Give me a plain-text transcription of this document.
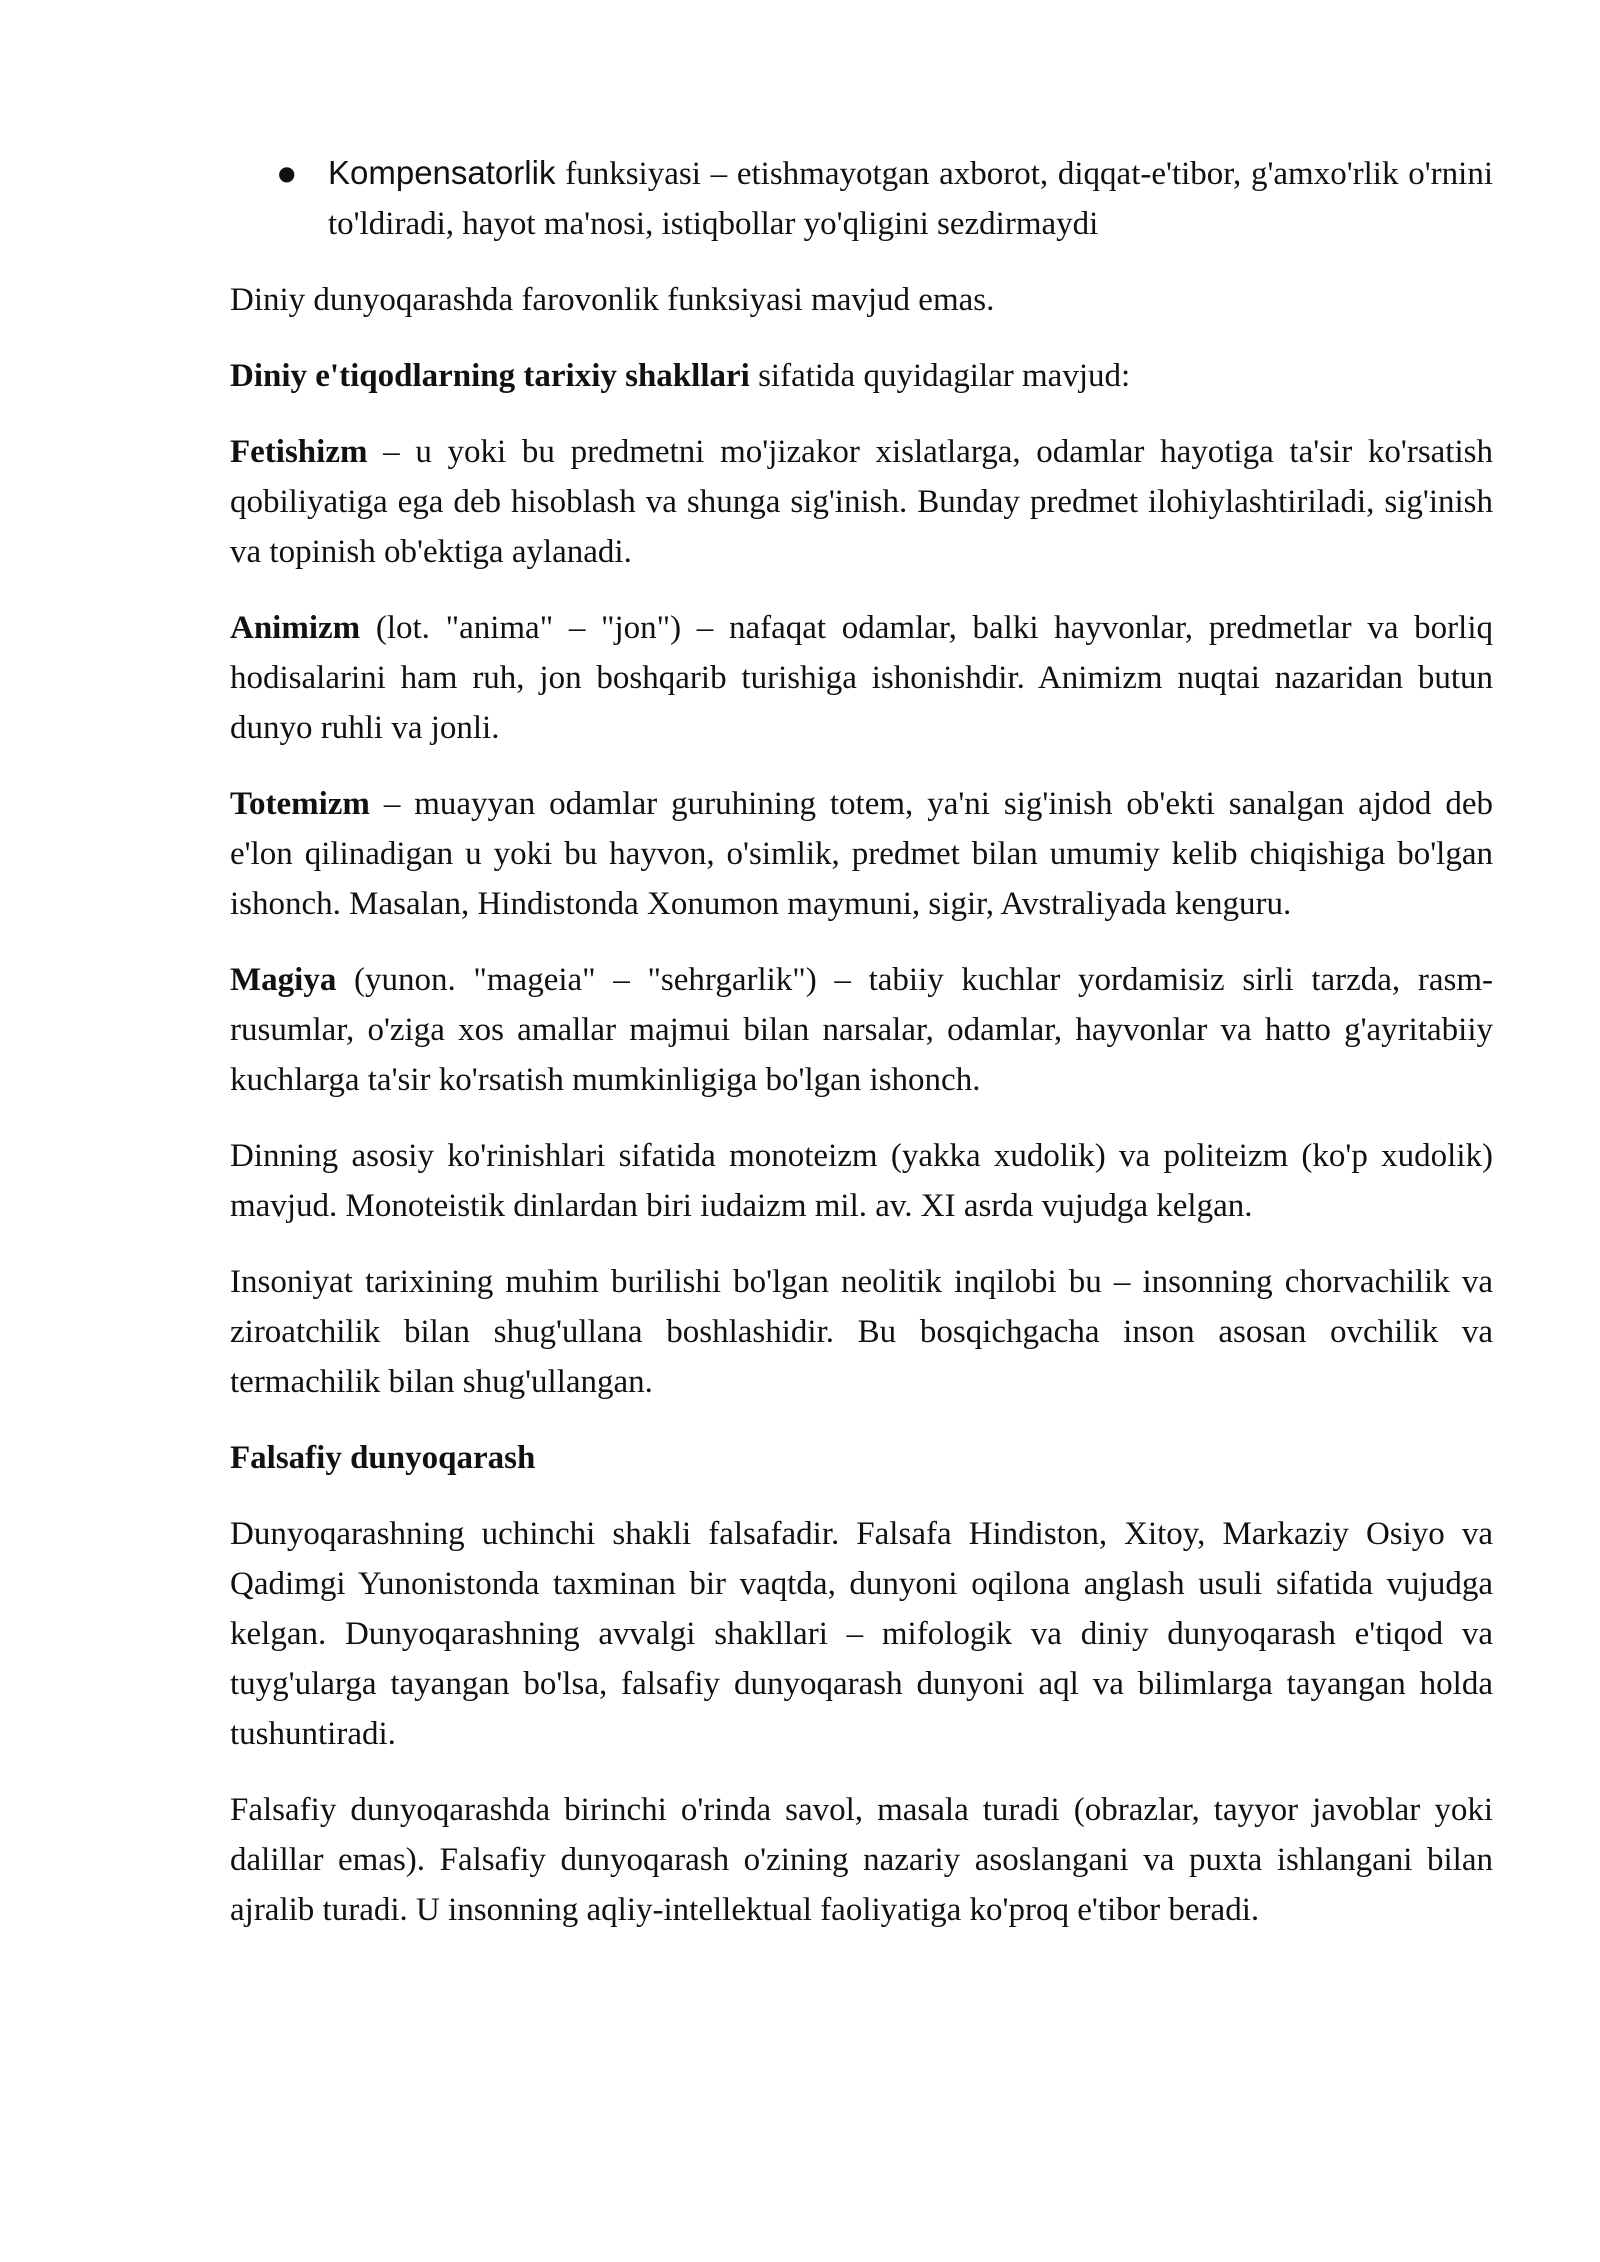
● Kompensatorlik funksiyasi – etishmayotgan axborot, diqqat-e'tibor, g'amxo'rlik o'rnini to'ldiradi, hayot ma'nosi, istiqbollar yo'qligini sezdirmaydi

Diniy dunyoqarashda farovonlik funksiyasi mavjud emas.

Diniy e'tiqodlarning tarixiy shakllari sifatida quyidagilar mavjud:

Fetishizm – u yoki bu predmetni mo'jizakor xislatlarga, odamlar hayotiga ta'sir ko'rsatish qobiliyatiga ega deb hisoblash va shunga sig'inish. Bunday predmet ilohiylashtiriladi, sig'inish va topinish ob'ektiga aylanadi.

Animizm (lot. "anima" – "jon") – nafaqat odamlar, balki hayvonlar, predmetlar va borliq hodisalarini ham ruh, jon boshqarib turishiga ishonishdir. Animizm nuqtai nazaridan butun dunyo ruhli va jonli.

Totemizm – muayyan odamlar guruhining totem, ya'ni sig'inish ob'ekti sanalgan ajdod deb e'lon qilinadigan u yoki bu hayvon, o'simlik, predmet bilan umumiy kelib chiqishiga bo'lgan ishonch. Masalan, Hindistonda Xonumon maymuni, sigir, Avstraliyada kenguru.

Magiya (yunon. "mageia" – "sehrgarlik") – tabiiy kuchlar yordamisiz sirli tarzda, rasm-rusumlar, o'ziga xos amallar majmui bilan narsalar, odamlar, hayvonlar va hatto g'ayritabiiy kuchlarga ta'sir ko'rsatish mumkinligiga bo'lgan ishonch.

Dinning asosiy ko'rinishlari sifatida monoteizm (yakka xudolik) va politeizm (ko'p xudolik) mavjud. Monoteistik dinlardan biri iudaizm mil. av. XI asrda vujudga kelgan.

Insoniyat tarixining muhim burilishi bo'lgan neolitik inqilobi bu – insonning chorvachilik va ziroatchilik bilan shug'ullana boshlashidir. Bu bosqichgacha inson asosan ovchilik va termachilik bilan shug'ullangan.

Falsafiy dunyoqarash

Dunyoqarashning uchinchi shakli falsafadir. Falsafa Hindiston, Xitoy, Markaziy Osiyo va Qadimgi Yunonistonda taxminan bir vaqtda, dunyoni oqilona anglash usuli sifatida vujudga kelgan. Dunyoqarashning avvalgi shakllari – mifologik va diniy dunyoqarash e'tiqod va tuyg'ularga tayangan bo'lsa, falsafiy dunyoqarash dunyoni aql va bilimlarga tayangan holda tushuntiradi.

Falsafiy dunyoqarashda birinchi o'rinda savol, masala turadi (obrazlar, tayyor javoblar yoki dalillar emas). Falsafiy dunyoqarash o'zining nazariy asoslangani va puxta ishlangani bilan ajralib turadi. U insonning aqliy-intellektual faoliyatiga ko'proq e'tibor beradi.
